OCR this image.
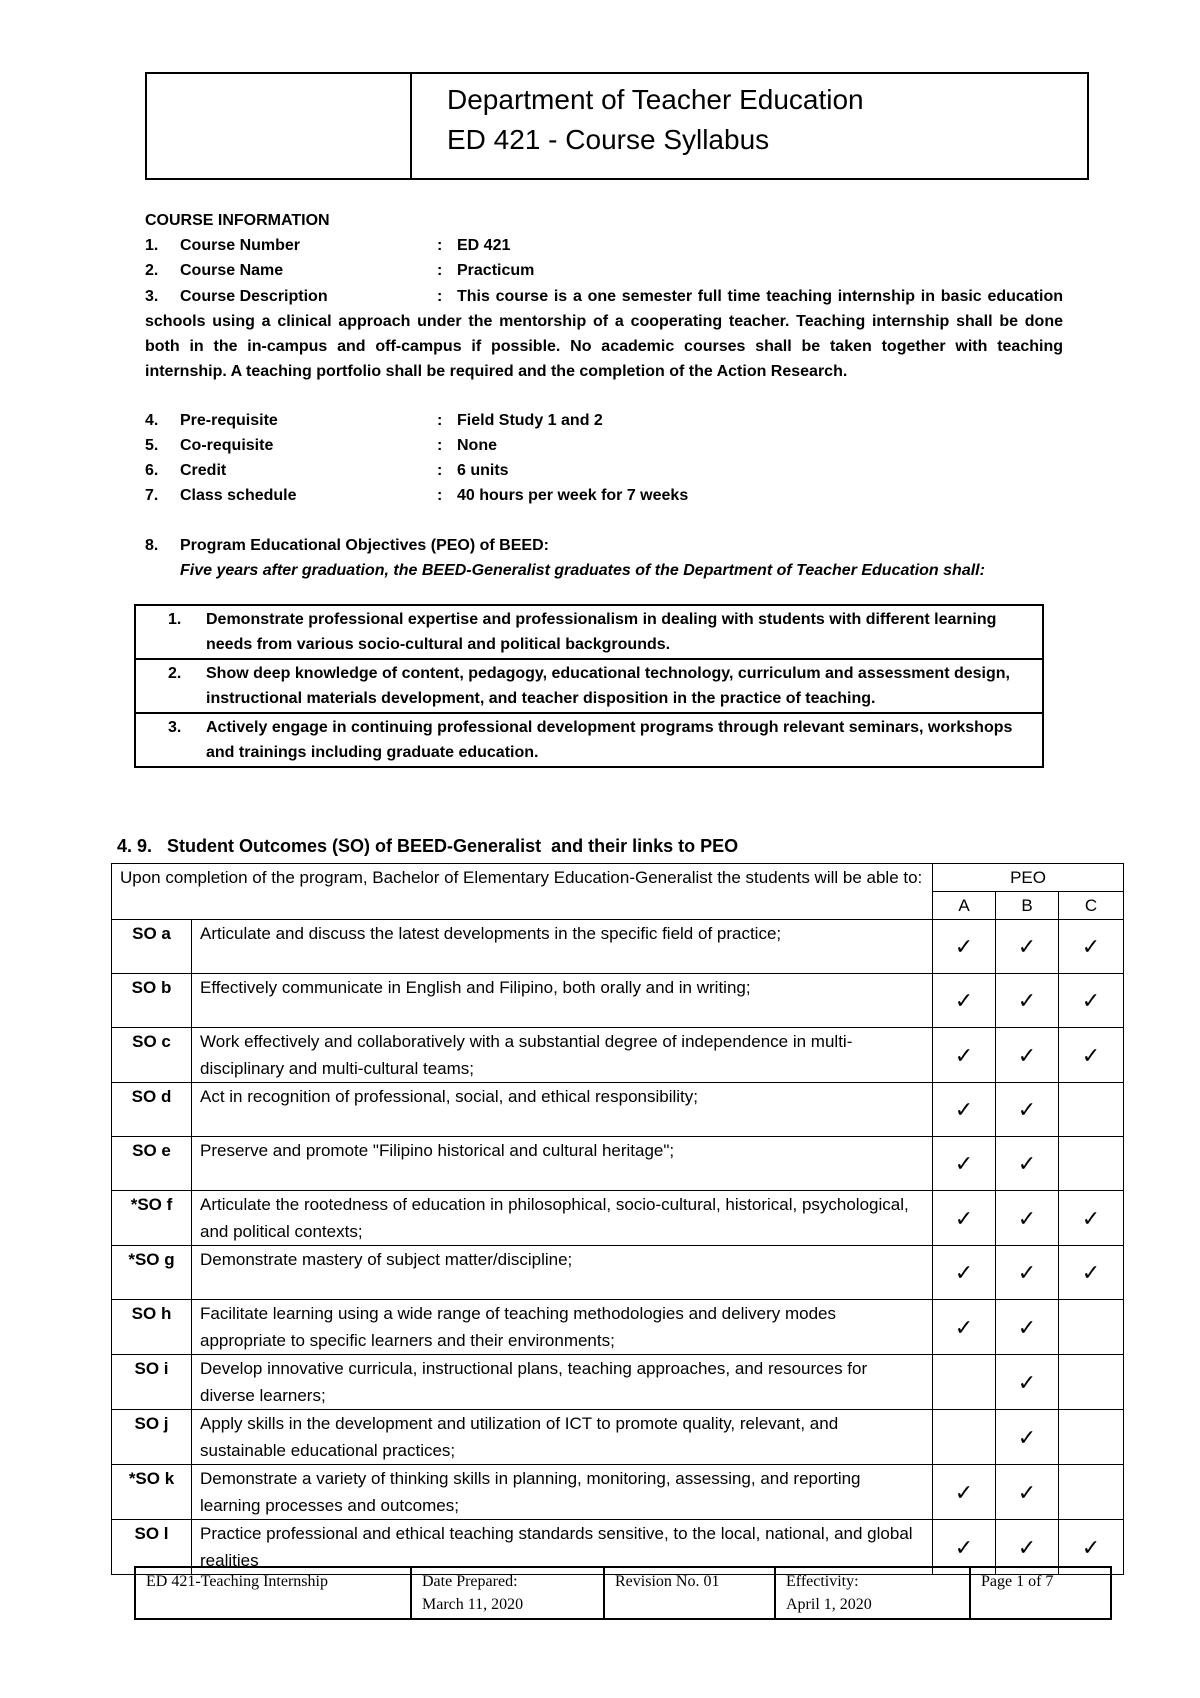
Department of Teacher Education
ED 421 - Course Syllabus
COURSE INFORMATION
1.	Course Number	: ED 421
2.	Course Name	: Practicum
3. Course Description	: This course is a one semester full time teaching internship in basic education schools using a clinical approach under the mentorship of a cooperating teacher. Teaching internship shall be done both in the in-campus and off-campus if possible. No academic courses shall be taken together with teaching internship. A teaching portfolio shall be required and the completion of the Action Research.
4.	Pre-requisite	: Field Study 1 and 2
5.	Co-requisite	: None
6.	Credit	: 6 units
7.	Class schedule	: 40 hours per week for 7 weeks
8.	Program Educational Objectives (PEO) of BEED:
Five years after graduation, the BEED-Generalist graduates of the Department of Teacher Education shall:
1. Demonstrate professional expertise and professionalism in dealing with students with different learning needs from various socio-cultural and political backgrounds.
2. Show deep knowledge of content, pedagogy, educational technology, curriculum and assessment design, instructional materials development, and teacher disposition in the practice of teaching.
3. Actively engage in continuing professional development programs through relevant seminars, workshops and trainings including graduate education.
4. 9.   Student Outcomes (SO) of BEED-Generalist  and their links to PEO
Upon completion of the program, Bachelor of Elementary Education-Generalist the students will be able to:		PEO		
		A	B	C
SO a	Articulate and discuss the latest developments in the specific field of practice;	✓	✓	✓
SO b	Effectively communicate in English and Filipino, both orally and in writing;	✓	✓	✓
SO c	Work effectively and collaboratively with a substantial degree of independence in multi-disciplinary and multi-cultural teams;	✓	✓	✓
SO d	Act in recognition of professional, social, and ethical responsibility;	✓	✓	
SO e	Preserve and promote "Filipino historical and cultural heritage";	✓	✓	
*SO f	Articulate the rootedness of education in philosophical, socio-cultural, historical, psychological, and political contexts;	✓	✓	✓
*SO g	Demonstrate mastery of subject matter/discipline;	✓	✓	✓
SO h	Facilitate learning using a wide range of teaching methodologies and delivery modes appropriate to specific learners and their environments;	✓	✓	
SO i	Develop innovative curricula, instructional plans, teaching approaches, and resources for diverse learners;		✓	
SO j	Apply skills in the development and utilization of ICT to promote quality, relevant, and sustainable educational practices;		✓	
*SO k	Demonstrate a variety of thinking skills in planning, monitoring, assessing, and reporting learning processes and outcomes;	✓	✓	
SO l	Practice professional and ethical teaching standards sensitive, to the local, national, and global realities	✓	✓	✓
ED 421-Teaching Internship	Date Prepared:
March 11, 2020
	Revision No. 01	Effectivity:
April 1, 2020
	Page 1 of 7
